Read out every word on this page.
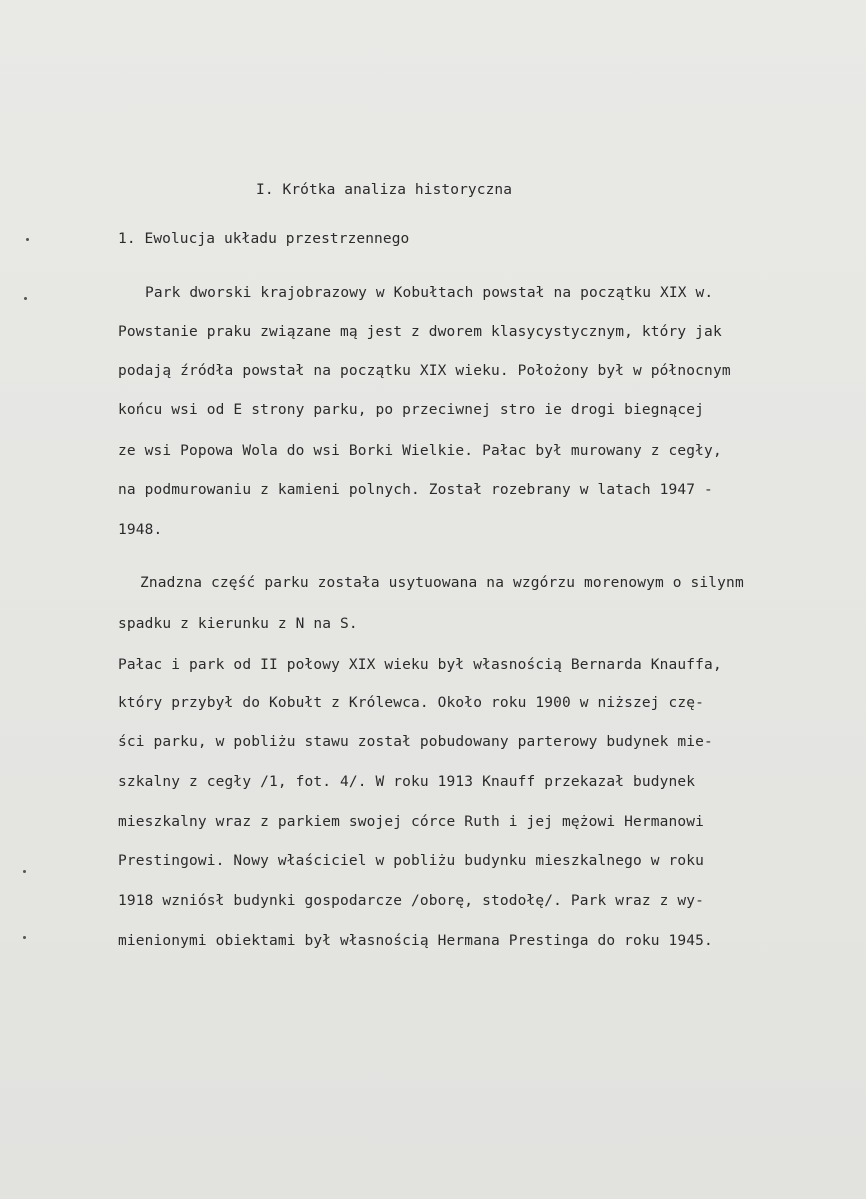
I. Krótka analiza historyczna
1. Ewolucja układu przestrzennego
Park dworski krajobrazowy w Kobułtach powstał na początku XIX w.
Powstanie praku związane mą jest z dworem klasycystycznym, który jak
podają źródła powstał na początku XIX wieku. Położony był w północnym
końcu wsi od E strony parku, po przeciwnej stro ie drogi biegnącej
ze wsi Popowa Wola do wsi Borki Wielkie. Pałac był murowany z cegły,
na podmurowaniu z kamieni polnych. Został rozebrany w latach 1947 -
1948.
Znadzna część parku została usytuowana na wzgórzu morenowym o silynm
spadku z kierunku z N na S.
Pałac i park od II połowy XIX wieku był własnością Bernarda Knauffa,
który przybył do Kobułt z Królewca. Około roku 1900 w niższej czę-
ści parku, w pobliżu stawu został pobudowany parterowy budynek mie-
szkalny z cegły /1, fot. 4/. W roku 1913 Knauff przekazał budynek
mieszkalny wraz z parkiem swojej córce Ruth i jej mężowi Hermanowi
Prestingowi. Nowy właściciel w pobliżu budynku mieszkalnego w roku
1918 wzniósł budynki gospodarcze /oborę, stodołę/. Park wraz z wy-
mienionymi obiektami był własnością Hermana Prestinga do roku 1945.
